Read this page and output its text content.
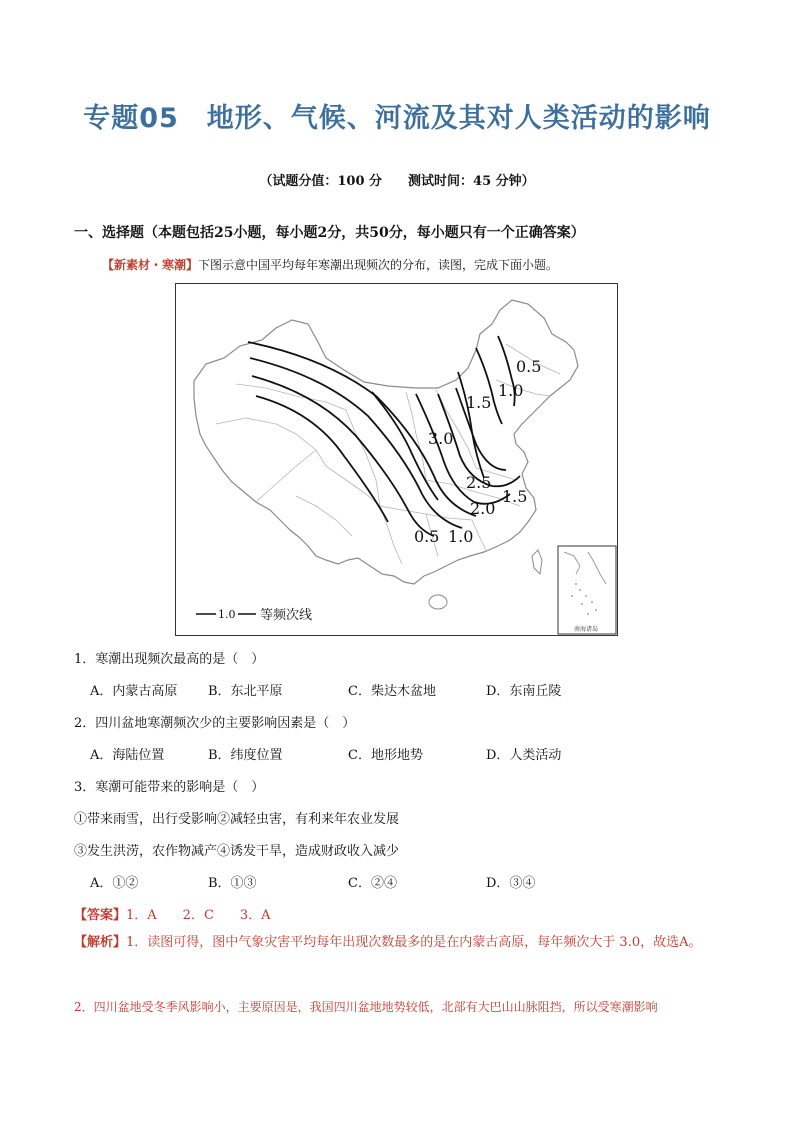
专题05　地形、气候、河流及其对人类活动的影响
（试题分值：100 分　　测试时间：45 分钟）
一、选择题（本题包括25小题，每小题2分，共50分，每小题只有一个正确答案）
【新素材・寒潮】下图示意中国平均每年寒潮出现频次的分布，读图，完成下面小题。
0.5
1.0
1.5
3.0
2.5
2.0
1.5
0.5 1.0
1.0 等频次线
南海诸岛
1．寒潮出现频次最高的是（　）
A．内蒙古高原 B．东北平原	C．柴达木盆地	D．东南丘陵
2．四川盆地寒潮频次少的主要影响因素是（　）
A．海陆位置	B．纬度位置	C．地形地势	D．人类活动
3．寒潮可能带来的影响是（　）
①带来雨雪，出行受影响②减轻虫害，有利来年农业发展
③发生洪涝，农作物减产④诱发干旱，造成财政收入减少
A．①②	B．①③	C．②④	D．③④
【答案】1．A　　2．C　　3．A
【解析】1．读图可得，图中气象灾害平均每年出现次数最多的是在内蒙古高原，每年频次大于 3.0，故选A。
2．四川盆地受冬季风影响小，主要原因是，我国四川盆地地势较低，北部有大巴山山脉阻挡，所以受寒潮影响
